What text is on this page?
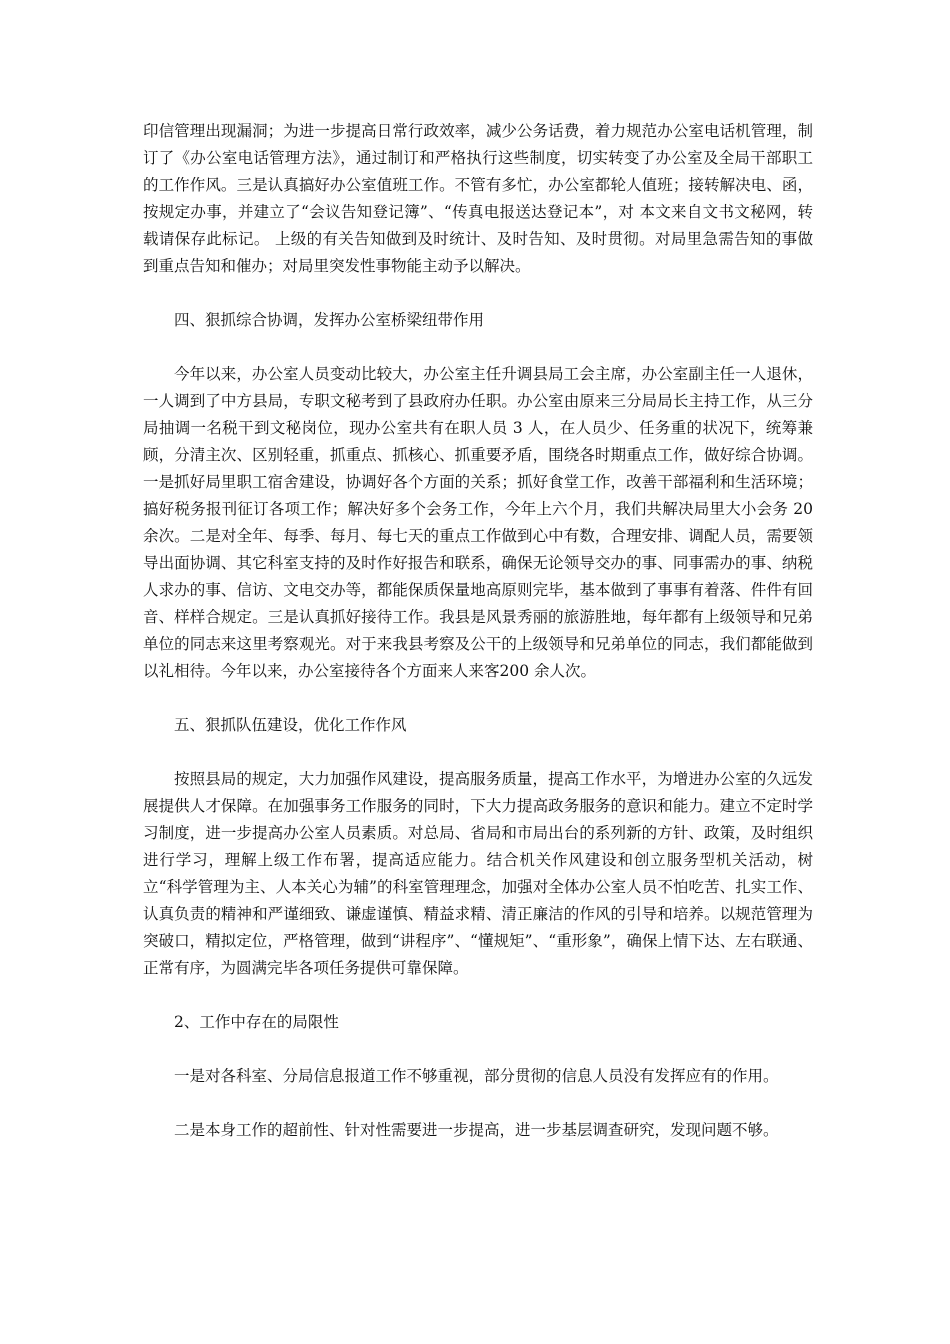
印信管理出现漏洞；为进一步提高日常行政效率，减少公务话费，着力规范办公室电话机管理，制订了《办公室电话管理方法》，通过制订和严格执行这些制度，切实转变了办公室及全局干部职工的工作作风。三是认真搞好办公室值班工作。不管有多忙，办公室都轮人值班；接转解决电、函，按规定办事，并建立了“会议告知登记簿”、“传真电报送达登记本”，对 本文来自文书文秘网，转载请保存此标记。 上级的有关告知做到及时统计、及时告知、及时贯彻。对局里急需告知的事做到重点告知和催办；对局里突发性事物能主动予以解决。

四、狠抓综合协调，发挥办公室桥梁纽带作用

今年以来，办公室人员变动比较大，办公室主任升调县局工会主席，办公室副主任一人退休，一人调到了中方县局，专职文秘考到了县政府办任职。办公室由原来三分局局长主持工作，从三分局抽调一名税干到文秘岗位，现办公室共有在职人员 3 人，在人员少、任务重的状况下，统筹兼顾，分清主次、区别轻重，抓重点、抓核心、抓重要矛盾，围绕各时期重点工作，做好综合协调。一是抓好局里职工宿舍建设，协调好各个方面的关系；抓好食堂工作，改善干部福利和生活环境；搞好税务报刊征订各项工作；解决好多个会务工作，今年上六个月，我们共解决局里大小会务 20 余次。二是对全年、每季、每月、每七天的重点工作做到心中有数，合理安排、调配人员，需要领导出面协调、其它科室支持的及时作好报告和联系，确保无论领导交办的事、同事需办的事、纳税人求办的事、信访、文电交办等，都能保质保量地高原则完毕，基本做到了事事有着落、件件有回音、样样合规定。三是认真抓好接待工作。我县是风景秀丽的旅游胜地，每年都有上级领导和兄弟单位的同志来这里考察观光。对于来我县考察及公干的上级领导和兄弟单位的同志，我们都能做到以礼相待。今年以来，办公室接待各个方面来人来客200 余人次。

五、狠抓队伍建设，优化工作作风

按照县局的规定，大力加强作风建设，提高服务质量，提高工作水平，为增进办公室的久远发展提供人才保障。在加强事务工作服务的同时，下大力提高政务服务的意识和能力。建立不定时学习制度，进一步提高办公室人员素质。对总局、省局和市局出台的系列新的方针、政策，及时组织进行学习，理解上级工作布署，提高适应能力。结合机关作风建设和创立服务型机关活动，树立“科学管理为主、人本关心为辅”的科室管理理念，加强对全体办公室人员不怕吃苦、扎实工作、认真负责的精神和严谨细致、谦虚谨慎、精益求精、清正廉洁的作风的引导和培养。以规范管理为突破口，精拟定位，严格管理，做到“讲程序”、“懂规矩”、“重形象”，确保上情下达、左右联通、正常有序，为圆满完毕各项任务提供可靠保障。

2、工作中存在的局限性

一是对各科室、分局信息报道工作不够重视，部分贯彻的信息人员没有发挥应有的作用。

二是本身工作的超前性、针对性需要进一步提高，进一步基层调查研究，发现问题不够。
